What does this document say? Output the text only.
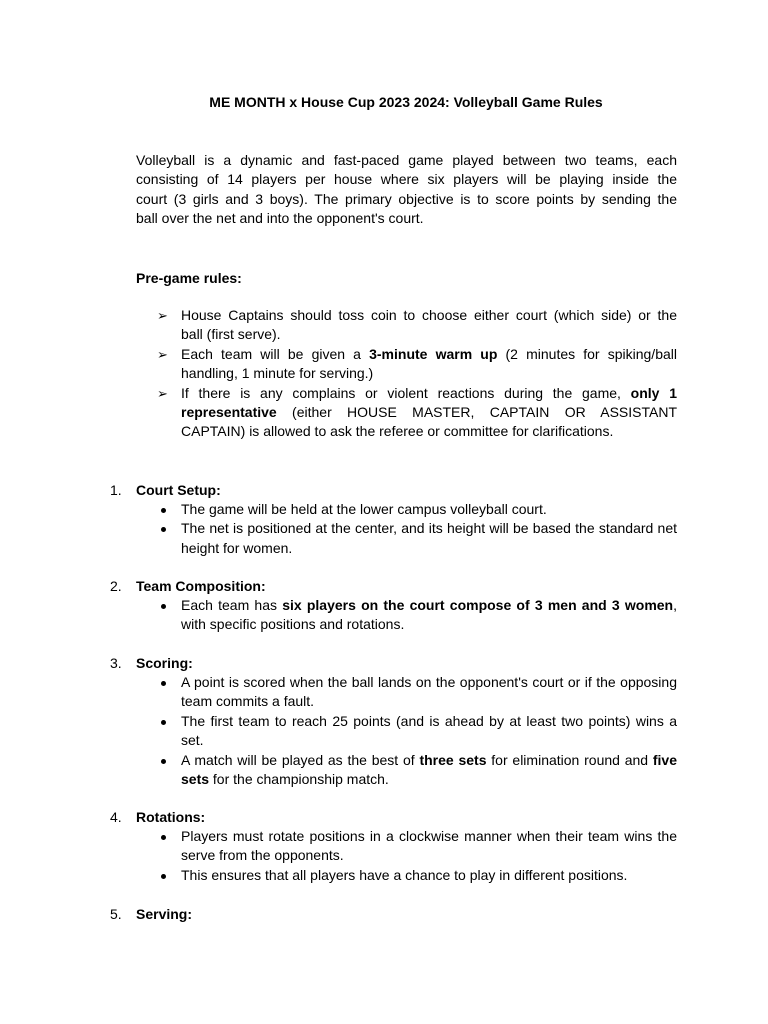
ME MONTH x House Cup 2023 2024: Volleyball Game Rules
Volleyball is a dynamic and fast-paced game played between two teams, each
consisting of 14 players per house where six players will be playing inside the
court (3 girls and 3 boys). The primary objective is to score points by sending the
ball over the net and into the opponent's court.
Pre-game rules:
➢ House Captains should toss coin to choose either court (which side) or the
ball (first serve).
➢ Each team will be given a 3-minute warm up (2 minutes for spiking/ball
handling, 1 minute for serving.)
➢ If there is any complains or violent reactions during the game, only 1
representative (either HOUSE MASTER, CAPTAIN OR ASSISTANT
CAPTAIN) is allowed to ask the referee or committee for clarifications.
1. Court Setup:
The game will be held at the lower campus volleyball court.
The net is positioned at the center, and its height will be based the standard net height for women.
2. Team Composition:
Each team has six players on the court compose of 3 men and 3 women, with specific positions and rotations.
3. Scoring:
A point is scored when the ball lands on the opponent's court or if the opposing team commits a fault.
The first team to reach 25 points (and is ahead by at least two points) wins a set.
A match will be played as the best of three sets for elimination round and five sets for the championship match.
4. Rotations:
Players must rotate positions in a clockwise manner when their team wins the serve from the opponents.
This ensures that all players have a chance to play in different positions.
5. Serving:
